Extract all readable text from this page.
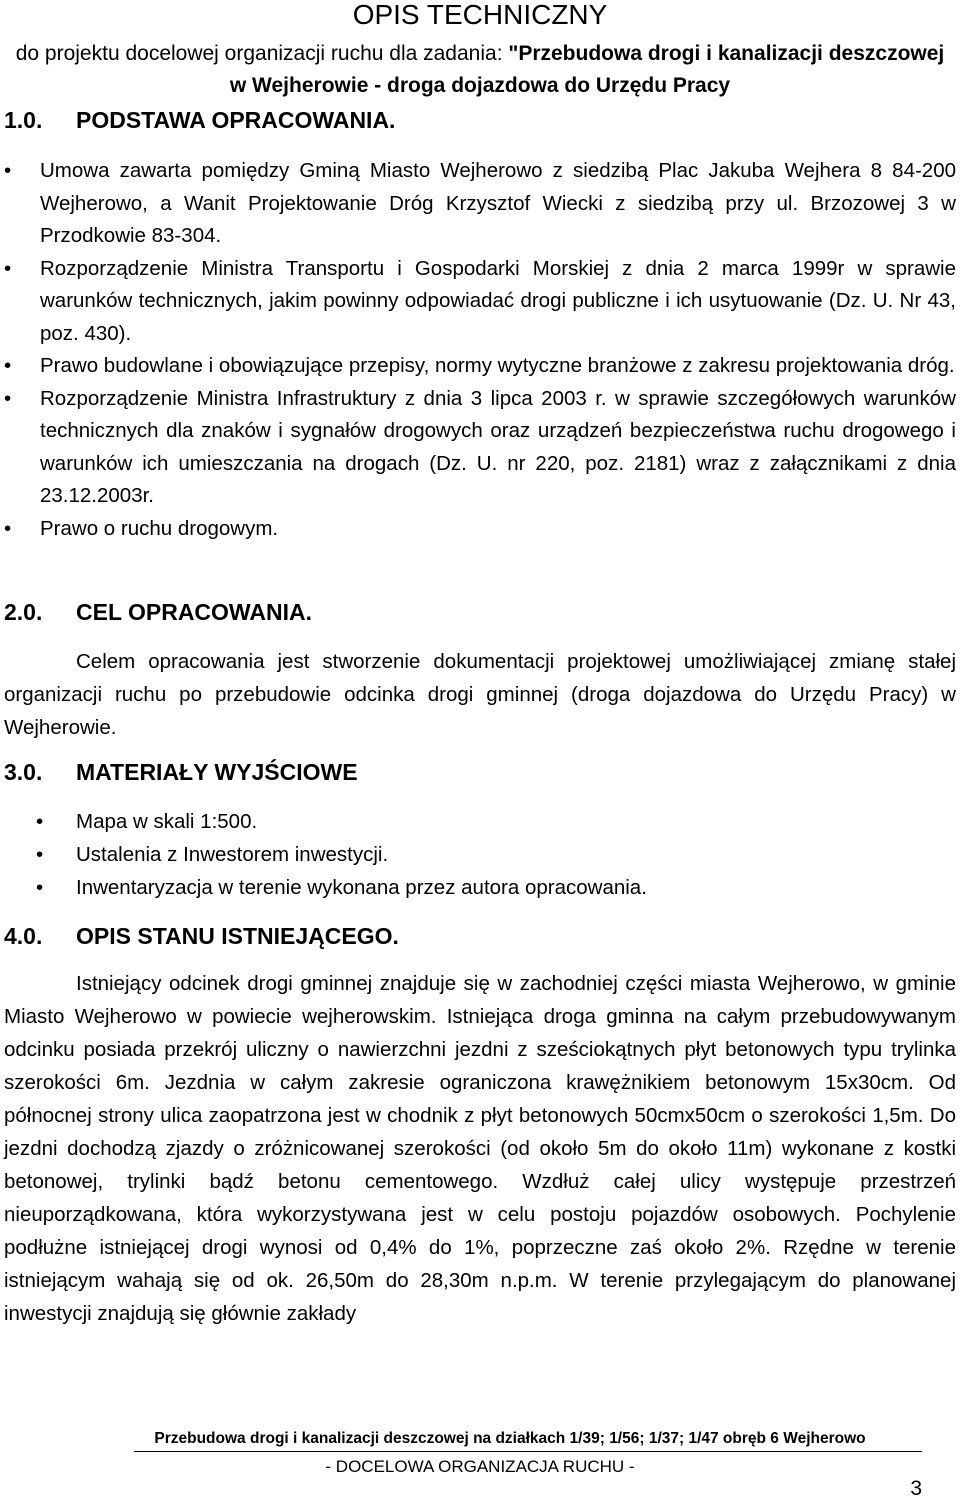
OPIS TECHNICZNY

do projektu docelowej organizacji ruchu dla zadania: "Przebudowa drogi i kanalizacji deszczowej w Wejherowie - droga dojazdowa do Urzędu Pracy

1.0. PODSTAWA OPRACOWANIA.
• Umowa zawarta pomiędzy Gminą Miasto Wejherowo z siedzibą Plac Jakuba Wejhera 8 84-200 Wejherowo, a Wanit Projektowanie Dróg Krzysztof Wiecki z siedzibą przy ul. Brzozowej 3 w Przodkowie 83-304.
• Rozporządzenie Ministra Transportu i Gospodarki Morskiej z dnia 2 marca 1999r w sprawie warunków technicznych, jakim powinny odpowiadać drogi publiczne i ich usytuowanie (Dz. U. Nr 43, poz. 430).
• Prawo budowlane i obowiązujące przepisy, normy wytyczne branżowe z zakresu projektowania dróg.
• Rozporządzenie Ministra Infrastruktury z dnia 3 lipca 2003 r. w sprawie szczegółowych warunków technicznych dla znaków i sygnałów drogowych oraz urządzeń bezpieczeństwa ruchu drogowego i warunków ich umieszczania na drogach (Dz. U. nr 220, poz. 2181) wraz z załącznikami z dnia 23.12.2003r.
• Prawo o ruchu drogowym.
2.0. CEL OPRACOWANIA.

Celem opracowania jest stworzenie dokumentacji projektowej umożliwiającej zmianę stałej organizacji ruchu po przebudowie odcinka drogi gminnej (droga dojazdowa do Urzędu Pracy) w Wejherowie.

3.0. MATERIAŁY WYJŚCIOWE
• Mapa w skali 1:500.
• Ustalenia z Inwestorem inwestycji.
• Inwentaryzacja w terenie wykonana przez autora opracowania.
4.0. OPIS STANU ISTNIEJĄCEGO.

Istniejący odcinek drogi gminnej znajduje się w zachodniej części miasta Wejherowo, w gminie Miasto Wejherowo w powiecie wejherowskim. Istniejąca droga gminna na całym przebudowywanym odcinku posiada przekrój uliczny o nawierzchni jezdni z sześciokątnych płyt betonowych typu trylinka szerokości 6m. Jezdnia w całym zakresie ograniczona krawężnikiem betonowym 15x30cm. Od północnej strony ulica zaopatrzona jest w chodnik z płyt betonowych 50cmx50cm o szerokości 1,5m. Do jezdni dochodzą zjazdy o zróżnicowanej szerokości (od około 5m do około 11m) wykonane z kostki betonowej, trylinki bądź betonu cementowego. Wzdłuż całej ulicy występuje przestrzeń nieuporządkowana, która wykorzystywana jest w celu postoju pojazdów osobowych. Pochylenie podłużne istniejącej drogi wynosi od 0,4% do 1%, poprzeczne zaś około 2%. Rzędne w terenie istniejącym wahają się od ok. 26,50m do 28,30m n.p.m. W terenie przylegającym do planowanej inwestycji znajdują się głównie zakłady

Przebudowa drogi i kanalizacji deszczowej na działkach 1/39; 1/56; 1/37; 1/47 obręb 6 Wejherowo
- DOCELOWA ORGANIZACJA RUCHU -
3
